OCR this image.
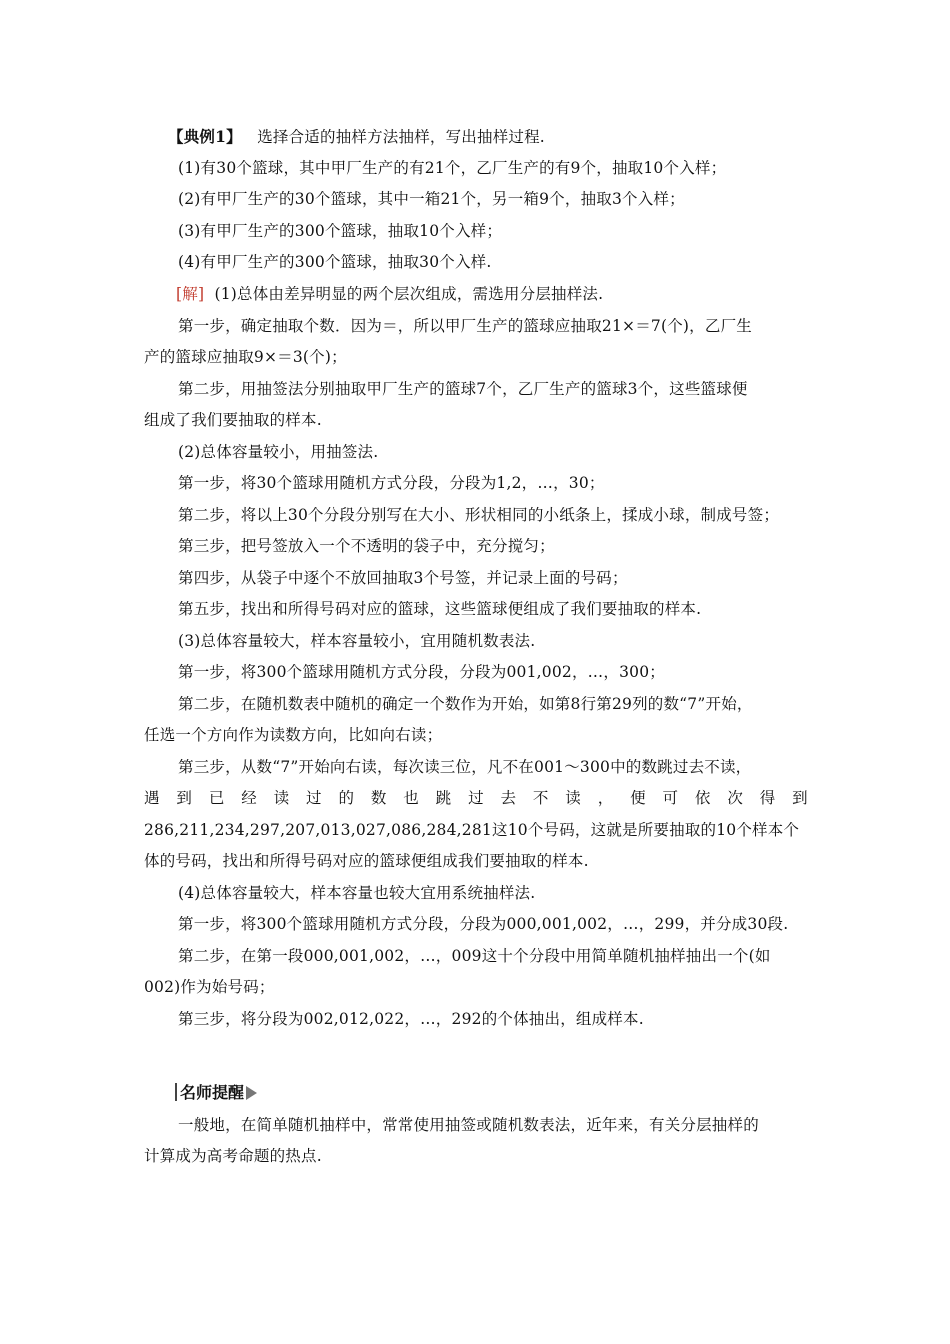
【典例1】 选择合适的抽样方法抽样，写出抽样过程.
(1)有30个篮球，其中甲厂生产的有21个，乙厂生产的有9个，抽取10个入样；
(2)有甲厂生产的30个篮球，其中一箱21个，另一箱9个，抽取3个入样；
(3)有甲厂生产的300个篮球，抽取10个入样；
(4)有甲厂生产的300个篮球，抽取30个入样.
[解] (1)总体由差异明显的两个层次组成，需选用分层抽样法.
第一步，确定抽取个数．因为＝，所以甲厂生产的篮球应抽取21×＝7(个)，乙厂生
产的篮球应抽取9×＝3(个)；
第二步，用抽签法分别抽取甲厂生产的篮球7个，乙厂生产的篮球3个，这些篮球便
组成了我们要抽取的样本.
(2)总体容量较小，用抽签法.
第一步，将30个篮球用随机方式分段，分段为1,2，…，30；
第二步，将以上30个分段分别写在大小、形状相同的小纸条上，揉成小球，制成号签；
第三步，把号签放入一个不透明的袋子中，充分搅匀；
第四步，从袋子中逐个不放回抽取3个号签，并记录上面的号码；
第五步，找出和所得号码对应的篮球，这些篮球便组成了我们要抽取的样本.
(3)总体容量较大，样本容量较小，宜用随机数表法.
第一步，将300个篮球用随机方式分段，分段为001,002，…，300；
第二步，在随机数表中随机的确定一个数作为开始，如第8行第29列的数“7”开始，
任选一个方向作为读数方向，比如向右读；
第三步，从数“7”开始向右读，每次读三位，凡不在001～300中的数跳过去不读，
遇 到 已 经 读 过 的 数 也 跳 过 去 不 读 ， 便 可 依 次 得 到
286,211,234,297,207,013,027,086,284,281这10个号码，这就是所要抽取的10个样本个
体的号码，找出和所得号码对应的篮球便组成我们要抽取的样本.
(4)总体容量较大，样本容量也较大宜用系统抽样法.
第一步，将300个篮球用随机方式分段，分段为000,001,002，…，299，并分成30段.
第二步，在第一段000,001,002，…，009这十个分段中用简单随机抽样抽出一个(如
002)作为始号码；
第三步，将分段为002,012,022，…，292的个体抽出，组成样本.
名师提醒
一般地，在简单随机抽样中，常常使用抽签或随机数表法，近年来，有关分层抽样的
计算成为高考命题的热点.
